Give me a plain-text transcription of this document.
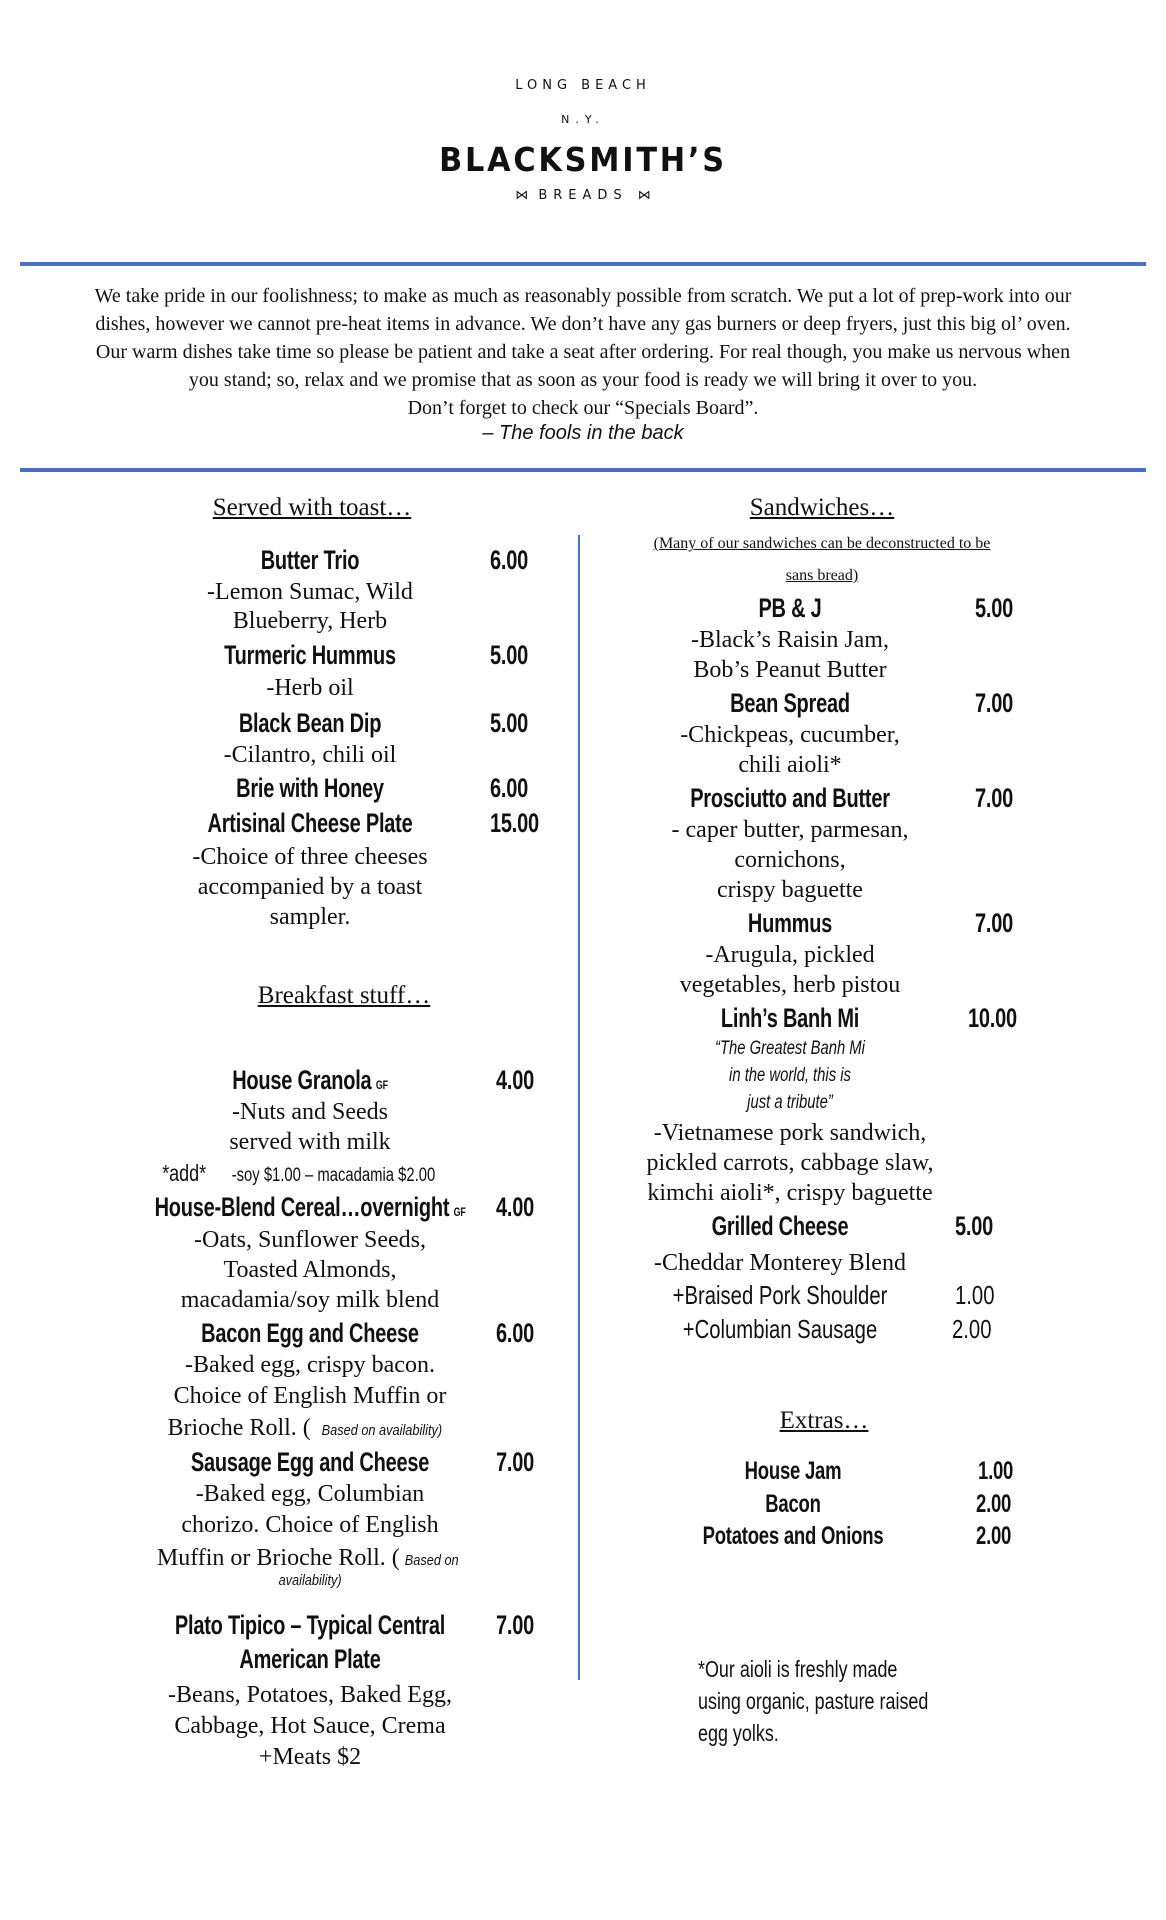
LONG BEACH
N.Y.
BLACKSMITH’S
⋈ BREADS ⋈
We take pride in our foolishness; to make as much as reasonably possible from scratch. We put a lot of prep-work into our
dishes, however we cannot pre-heat items in advance. We don’t have any gas burners or deep fryers, just this big ol’ oven.
Our warm dishes take time so please be patient and take a seat after ordering. For real though, you make us nervous when
you stand; so, relax and we promise that as soon as your food is ready we will bring it over to you.
Don’t forget to check our “Specials Board”.
– The fools in the back
Served with toast…
Butter Trio	6.00
-Lemon Sumac, Wild
Blueberry, Herb
Turmeric Hummus	5.00
-Herb oil
Black Bean Dip	5.00
-Cilantro, chili oil
Brie with Honey	6.00
Artisinal Cheese Plate	15.00
-Choice of three cheeses
accompanied by a toast
sampler.
Breakfast stuff…
House Granola GF	4.00
-Nuts and Seeds
served with milk
*add* -soy $1.00 – macadamia $2.00
House-Blend Cereal…overnight GF 4.00
-Oats, Sunflower Seeds,
Toasted Almonds,
macadamia/soy milk blend
Bacon Egg and Cheese	6.00
-Baked egg, crispy bacon.
Choice of English Muffin or
Brioche Roll. ( Based on availability)
Sausage Egg and Cheese	7.00
-Baked egg, Columbian
chorizo. Choice of English
Muffin or Brioche Roll. ( Based on
availability)
Plato Tipico – Typical Central	7.00
American Plate
-Beans, Potatoes, Baked Egg,
Cabbage, Hot Sauce, Crema
+Meats $2
Sandwiches…
(Many of our sandwiches can be deconstructed to be
sans bread)
PB & J	5.00
-Black’s Raisin Jam,
Bob’s Peanut Butter
Bean Spread	7.00
-Chickpeas, cucumber,
chili aioli*
Prosciutto and Butter	7.00
- caper butter, parmesan,
cornichons,
crispy baguette
Hummus	7.00
-Arugula, pickled
vegetables, herb pistou
Linh’s Banh Mi	10.00
“The Greatest Banh Mi
in the world, this is
just a tribute”
-Vietnamese pork sandwich,
pickled carrots, cabbage slaw,
kimchi aioli*, crispy baguette
Grilled Cheese	5.00
-Cheddar Monterey Blend
+Braised Pork Shoulder	1.00
+Columbian Sausage	2.00
Extras…
House Jam	1.00
Bacon	2.00
Potatoes and Onions	2.00
*Our aioli is freshly made
using organic, pasture raised
egg yolks.
